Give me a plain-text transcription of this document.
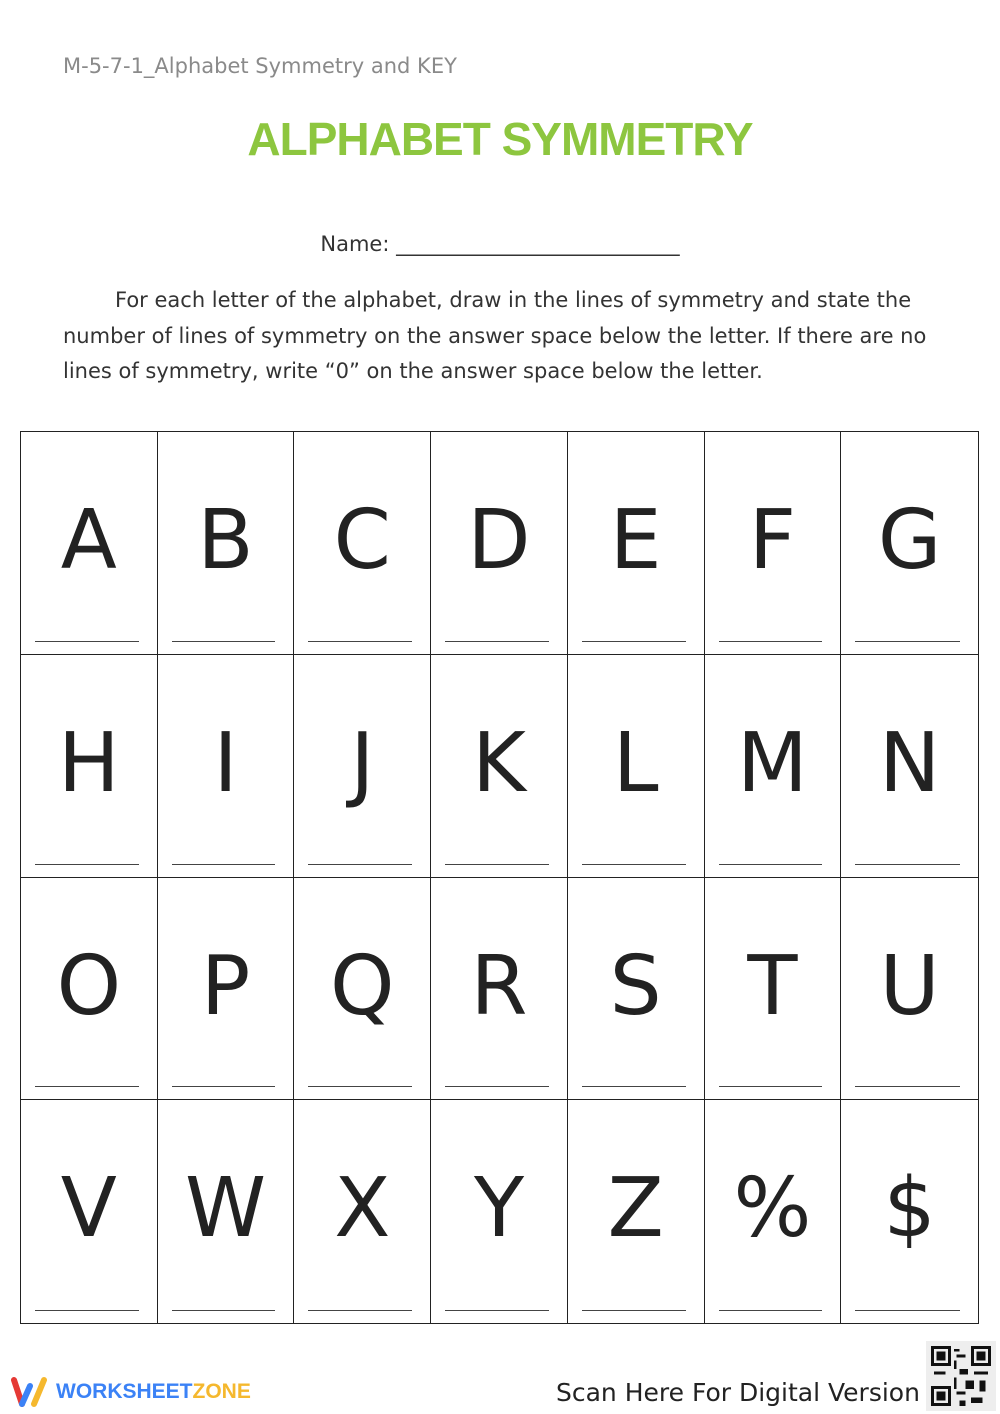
M-5-7-1_Alphabet Symmetry and KEY
ALPHABET SYMMETRY
Name: ___________________________
For each letter of the alphabet, draw in the lines of symmetry and state the number of lines of symmetry on the answer space below the letter. If there are no lines of symmetry, write “0” on the answer space below the letter.
A B C D E	F G
H	I	J	K	L M N
O P Q R	S	T	U
V W X	Y	Z % $
WORKSHEETZONE	Scan Here For Digital Version
